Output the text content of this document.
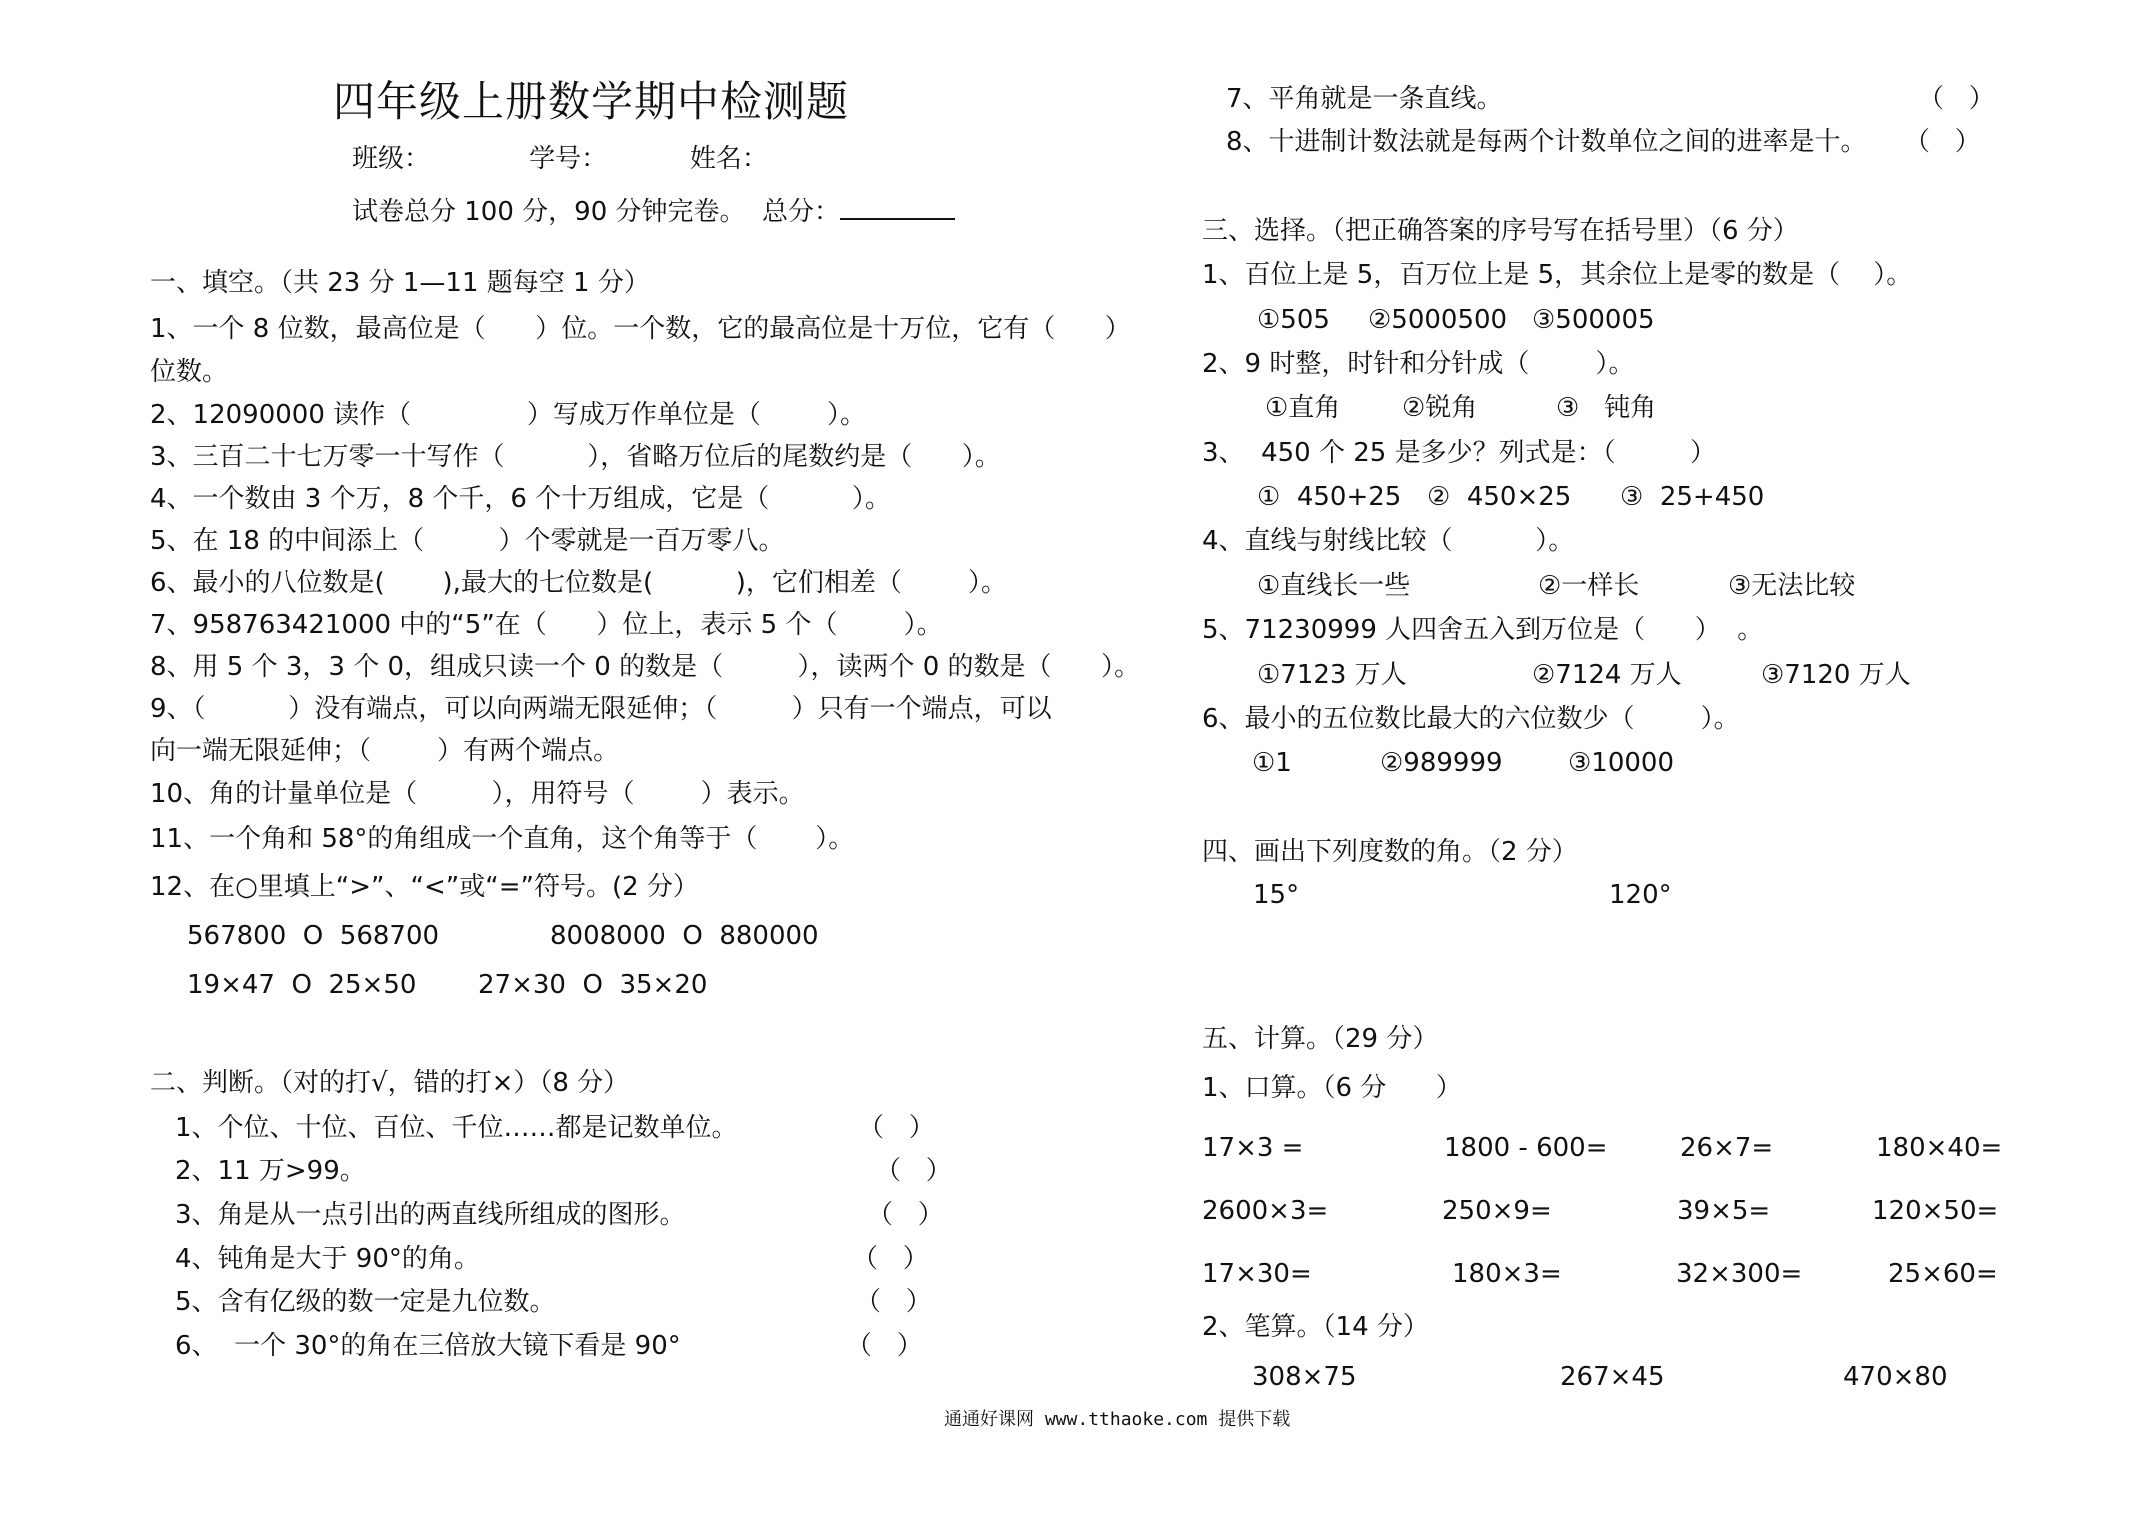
四年级上册数学期中检测题
班级：            学号：          姓名：
试卷总分 100 分，90 分钟完卷。  总分：
一、填空。（共 23 分 1—11 题每空 1 分）
1、一个 8 位数，最高位是（      ）位。一个数，它的最高位是十万位，它有（      ）
位数。
2、12090000 读作（              ）写成万作单位是（        ）。
3、三百二十七万零一十写作（          ），省略万位后的尾数约是（      ）。
4、一个数由 3 个万，8 个千，6 个十万组成，它是（          ）。
5、在 18 的中间添上（         ）个零就是一百万零八。
6、最小的八位数是(       ),最大的七位数是(          )，它们相差（        ）。
7、958763421000 中的“5”在（      ）位上，表示 5 个（        ）。
8、用 5 个 3，3 个 0，组成只读一个 0 的数是（         ），读两个 0 的数是（      ）。
9、（          ）没有端点，可以向两端无限延伸；（         ）只有一个端点，可以
向一端无限延伸；（        ）有两个端点。
10、角的计量单位是（         ），用符号（        ）表示。
11、一个角和 58°的角组成一个直角，这个角等于（       ）。
12、在○里填上“>”、“<”或“=”符号。(2 分）
567800  O  568700	8008000  O  880000
19×47  O  25×50 27×30  O  35×20
二、判断。（对的打√，错的打×）（8 分）
1、个位、十位、百位、千位……都是记数单位。	（   ）
2、11 万>99。	（   ）
3、角是从一点引出的两直线所组成的图形。	（   ）
4、钝角是大于 90°的角。	（   ）
5、含有亿级的数一定是九位数。	（   ）
6、  一个 30°的角在三倍放大镜下看是 90°	（   ）
7、平角就是一条直线。	（   ）
8、十进制计数法就是每两个计数单位之间的进率是十。 （   ）
三、选择。（把正确答案的序号写在括号里）（6 分）
1、百位上是 5，百万位上是 5，其余位上是零的数是（    ）。
①505 ②5000500 ③500005
2、9 时整，时针和分针成（        ）。
①直角 ②锐角	③   钝角
3、  450 个 25 是多少？列式是：（         ）
①  450+25 ②  450×25 ③  25+450
4、直线与射线比较（          ）。
①直线长一些	②一样长	③无法比较
5、71230999 人四舍五入到万位是（      ）  。
①7123 万人	②7124 万人	③7120 万人
6、最小的五位数比最大的六位数少（        ）。
①1	②989999	③10000
四、画出下列度数的角。（2 分）
15°	120°
五、计算。（29 分）
1、口算。（6 分      ）
17×3 =	1800 - 600=	26×7=	180×40=
2600×3=	250×9=	39×5=	120×50=
17×30=	180×3=	32×300=	25×60=
2、笔算。（14 分）
308×75	267×45	470×80
通通好课网 www.tthaoke.com 提供下载
